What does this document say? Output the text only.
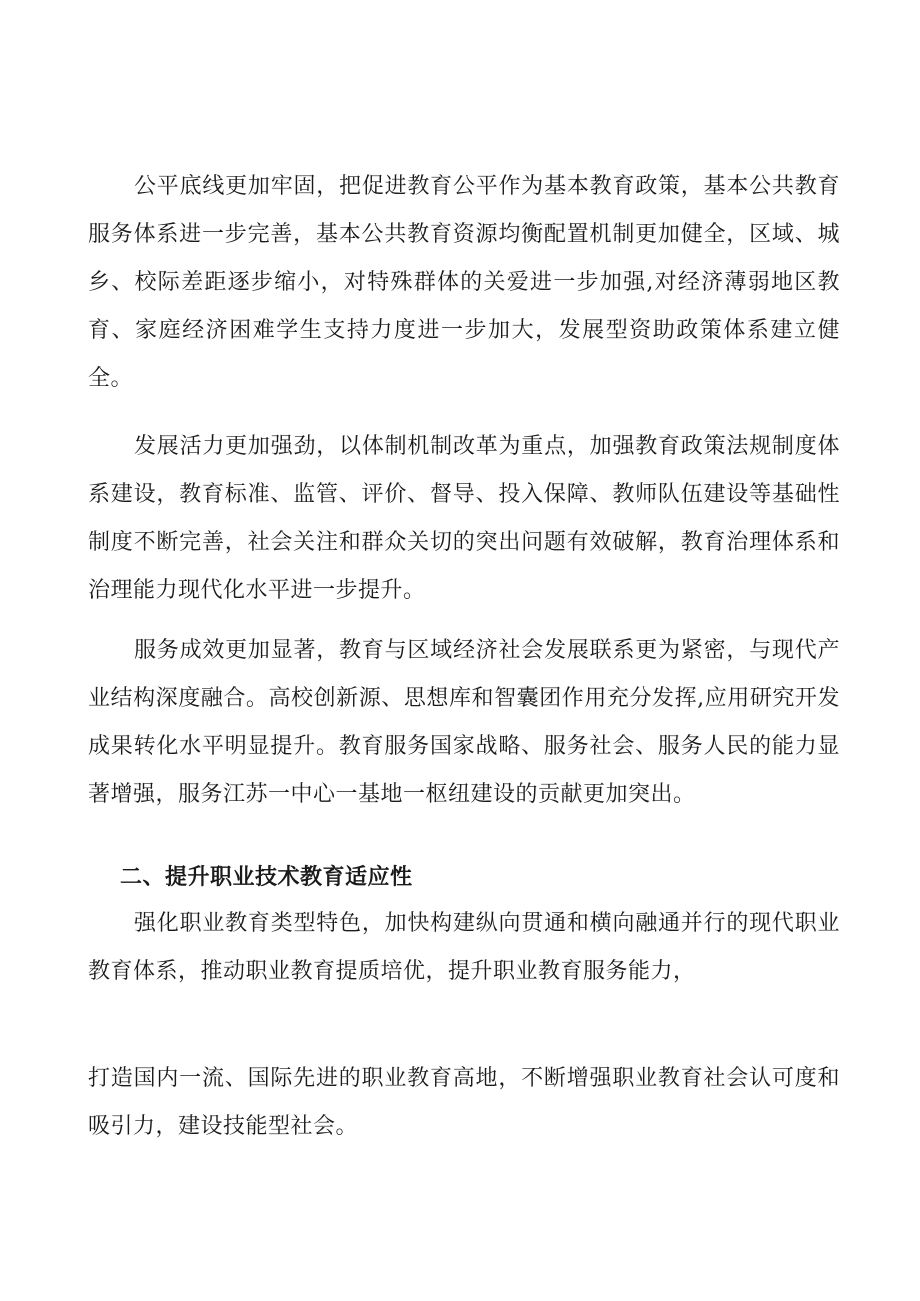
公平底线更加牢固，把促进教育公平作为基本教育政策，基本公共教育服务体系进一步完善，基本公共教育资源均衡配置机制更加健全，区域、城乡、校际差距逐步缩小，对特殊群体的关爱进一步加强,对经济薄弱地区教育、家庭经济困难学生支持力度进一步加大，发展型资助政策体系建立健全。

发展活力更加强劲，以体制机制改革为重点，加强教育政策法规制度体系建设，教育标准、监管、评价、督导、投入保障、教师队伍建设等基础性制度不断完善，社会关注和群众关切的突出问题有效破解，教育治理体系和治理能力现代化水平进一步提升。

服务成效更加显著，教育与区域经济社会发展联系更为紧密，与现代产业结构深度融合。高校创新源、思想库和智囊团作用充分发挥,应用研究开发成果转化水平明显提升。教育服务国家战略、服务社会、服务人民的能力显著增强，服务江苏一中心一基地一枢纽建设的贡献更加突出。

二、提升职业技术教育适应性

强化职业教育类型特色，加快构建纵向贯通和横向融通并行的现代职业教育体系，推动职业教育提质培优，提升职业教育服务能力，

打造国内一流、国际先进的职业教育高地，不断增强职业教育社会认可度和吸引力，建设技能型社会。
